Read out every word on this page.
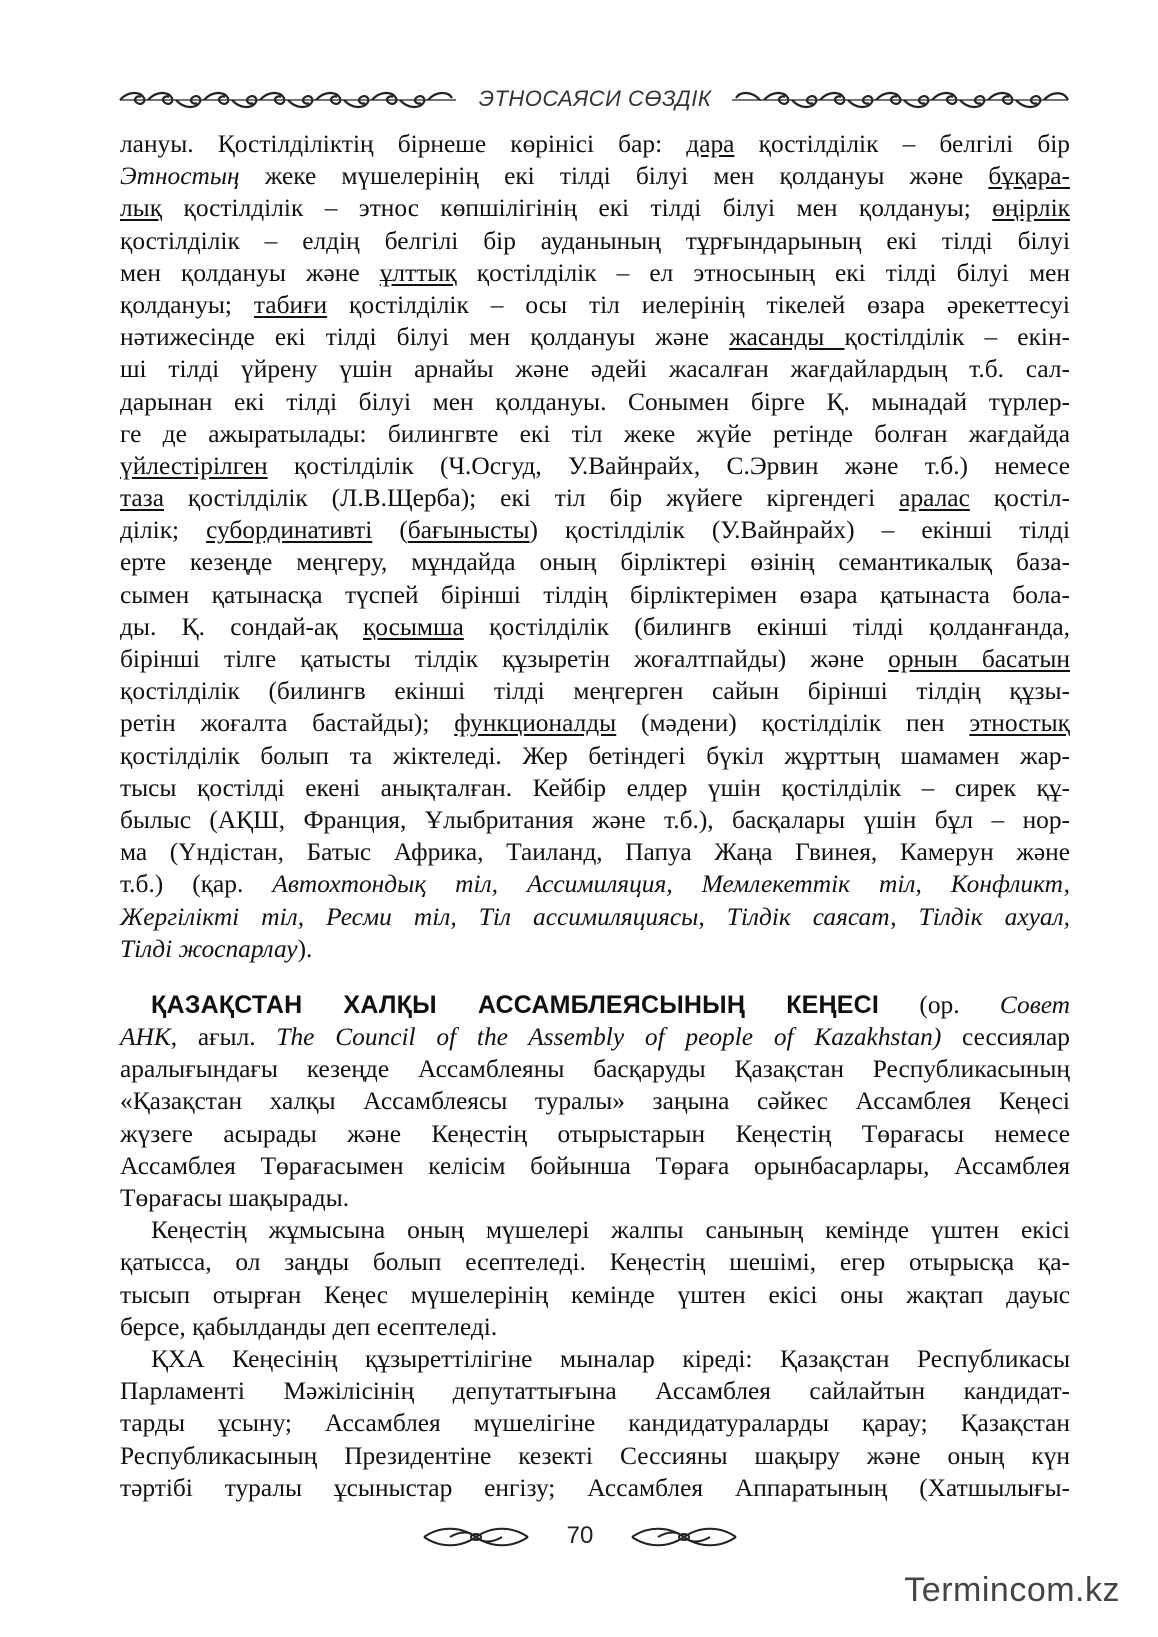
ЭТНОСАЯСИ СӨЗДІК
лануы. Қостілділіктің бірнеше көрінісі бар: дара қостілділік – белгілі бір
Этностың жеке мүшелерінің екі тілді білуі мен қолдануы және бұқара-
лық қостілділік – этнос көпшілігінің екі тілді білуі мен қолдануы; өңірлік
қостілділік – елдің белгілі бір ауданының тұрғындарының екі тілді білуі
мен қолдануы және ұлттық қостілділік – ел этносының екі тілді білуі мен
қолдануы; табиғи қостілділік – осы тіл иелерінің тікелей өзара әрекеттесуі
нәтижесінде екі тілді білуі мен қолдануы және жасанды қостілділік – екін-
ші тілді үйрену үшін арнайы және әдейі жасалған жағдайлардың т.б. сал-
дарынан екі тілді білуі мен қолдануы. Сонымен бірге Қ. мынадай түрлер-
ге де ажыратылады: билингвте екі тіл жеке жүйе ретінде болған жағдайда
үйлестірілген қостілділік (Ч.Осгуд, У.Вайнрайх, С.Эрвин және т.б.) немесе
таза қостілділік (Л.В.Щерба); екі тіл бір жүйеге кіргендегі аралас қостіл-
ділік; субординативті (бағынысты) қостілділік (У.Вайнрайх) – екінші тілді
ерте кезеңде меңгеру, мұндайда оның бірліктері өзінің семантикалық база-
сымен қатынасқа түспей бірінші тілдің бірліктерімен өзара қатынаста бола-
ды. Қ. сондай-ақ қосымша қостілділік (билингв екінші тілді қолданғанда,
бірінші тілге қатысты тілдік құзыретін жоғалтпайды) және орнын басатын
қостілділік (билингв екінші тілді меңгерген сайын бірінші тілдің құзы-
ретін жоғалта бастайды); функционалды (мәдени) қостілділік пен этностық
қостілділік болып та жіктеледі. Жер бетіндегі бүкіл жұрттың шамамен жар-
тысы қостілді екені анықталған. Кейбір елдер үшін қостілділік – сирек құ-
былыс (АҚШ, Франция, Ұлыбритания және т.б.), басқалары үшін бұл – нор-
ма (Үндістан, Батыс Африка, Таиланд, Папуа Жаңа Гвинея, Камерун және
т.б.) (қар. Автохтондық тіл, Ассимиляция, Мемлекеттік тіл, Конфликт,
Жергілікті тіл, Ресми тіл, Тіл ассимиляциясы, Тілдік саясат, Тілдік ахуал,
Тілді жоспарлау).
ҚАЗАҚСТАН ХАЛҚЫ АССАМБЛЕЯСЫНЫҢ КЕҢЕСІ (ор. Совет
АНК, ағыл. The Council of the Assembly of people of Kazakhstan) сессиялар
аралығындағы кезеңде Ассамблеяны басқаруды Қазақстан Республикасының
«Қазақстан халқы Ассамблеясы туралы» заңына сәйкес Ассамблея Кеңесі
жүзеге асырады және Кеңестің отырыстарын Кеңестің Төрағасы немесе
Ассамблея Төрағасымен келісім бойынша Төраға орынбасарлары, Ассамблея
Төрағасы шақырады.
Кеңестің жұмысына оның мүшелері жалпы санының кемінде үштен екісі
қатысса, ол заңды болып есептеледі. Кеңестің шешімі, егер отырысқа қа-
тысып отырған Кеңес мүшелерінің кемінде үштен екісі оны жақтап дауыс
берсе, қабылданды деп есептеледі.
ҚХА Кеңесінің құзыреттілігіне мыналар кіреді: Қазақстан Республикасы
Парламенті Мәжілісінің депутаттығына Ассамблея сайлайтын кандидат-
тарды ұсыну; Ассамблея мүшелігіне кандидатураларды қарау; Қазақстан
Республикасының Президентіне кезекті Сессияны шақыру және оның күн
тәртібі туралы ұсыныстар енгізу; Ассамблея Аппаратының (Хатшылығы-
70
Termincom.kz
